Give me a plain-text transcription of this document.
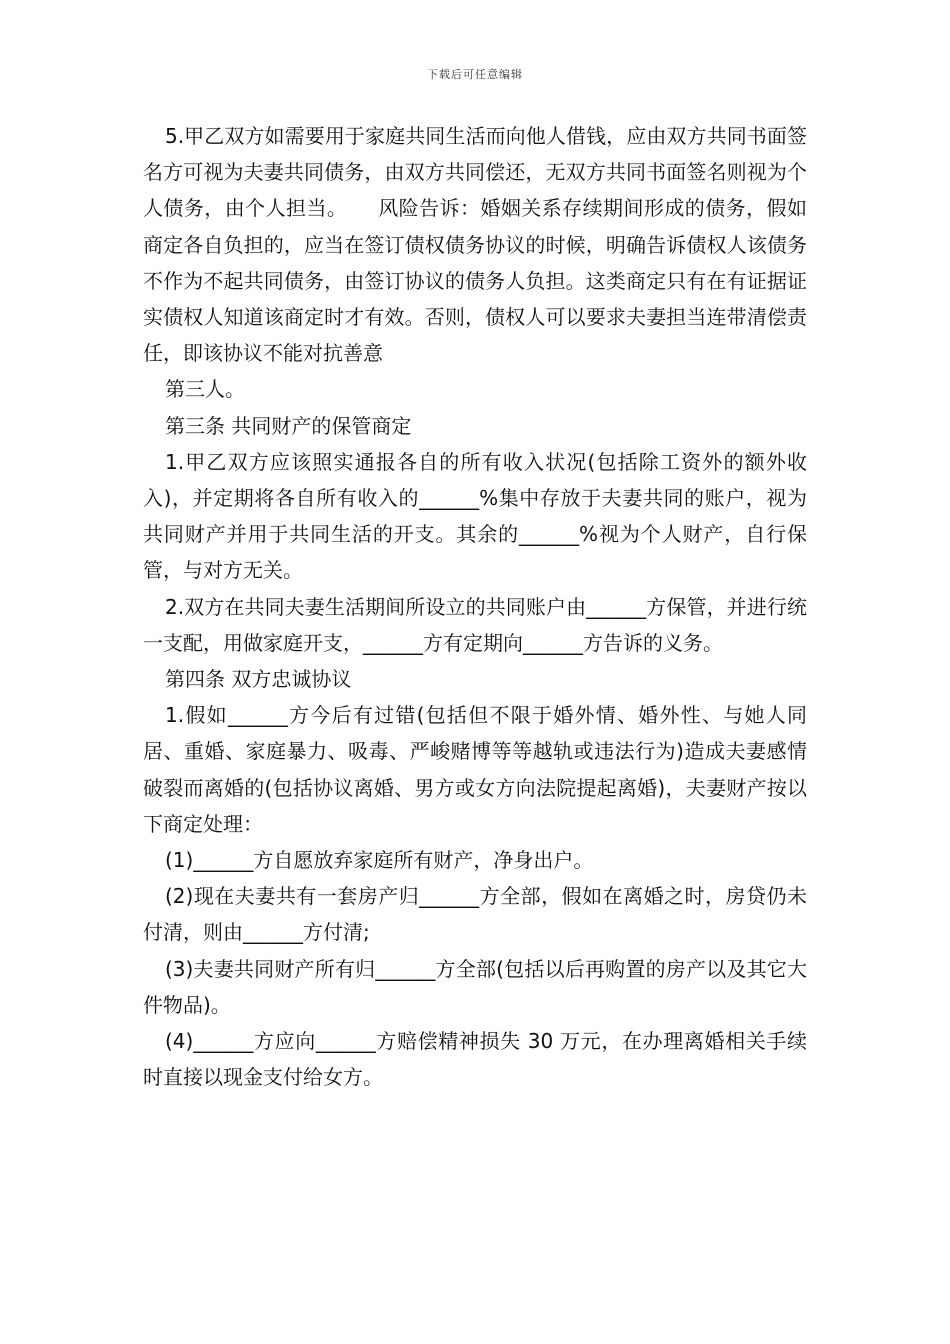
下载后可任意编辑

5.甲乙双方如需要用于家庭共同生活而向他人借钱，应由双方共同书面签名方可视为夫妻共同债务，由双方共同偿还，无双方共同书面签名则视为个人债务，由个人担当。　　风险告诉：婚姻关系存续期间形成的债务，假如商定各自负担的，应当在签订债权债务协议的时候，明确告诉债权人该债务不作为不起共同债务，由签订协议的债务人负担。这类商定只有在有证据证实债权人知道该商定时才有效。否则，债权人可以要求夫妻担当连带清偿责任，即该协议不能对抗善意

第三人。

第三条 共同财产的保管商定

1.甲乙双方应该照实通报各自的所有收入状况(包括除工资外的额外收入)，并定期将各自所有收入的______%集中存放于夫妻共同的账户，视为共同财产并用于共同生活的开支。其余的______%视为个人财产，自行保管，与对方无关。

2.双方在共同夫妻生活期间所设立的共同账户由______方保管，并进行统一支配，用做家庭开支，______方有定期向______方告诉的义务。

第四条 双方忠诚协议

1.假如______方今后有过错(包括但不限于婚外情、婚外性、与她人同居、重婚、家庭暴力、吸毒、严峻赌博等等越轨或违法行为)造成夫妻感情破裂而离婚的(包括协议离婚、男方或女方向法院提起离婚)，夫妻财产按以下商定处理：

(1)______方自愿放弃家庭所有财产，净身出户。

(2)现在夫妻共有一套房产归______方全部，假如在离婚之时，房贷仍未付清，则由______方付清;

(3)夫妻共同财产所有归______方全部(包括以后再购置的房产以及其它大件物品)。

(4)______方应向______方赔偿精神损失 30 万元，在办理离婚相关手续时直接以现金支付给女方。
